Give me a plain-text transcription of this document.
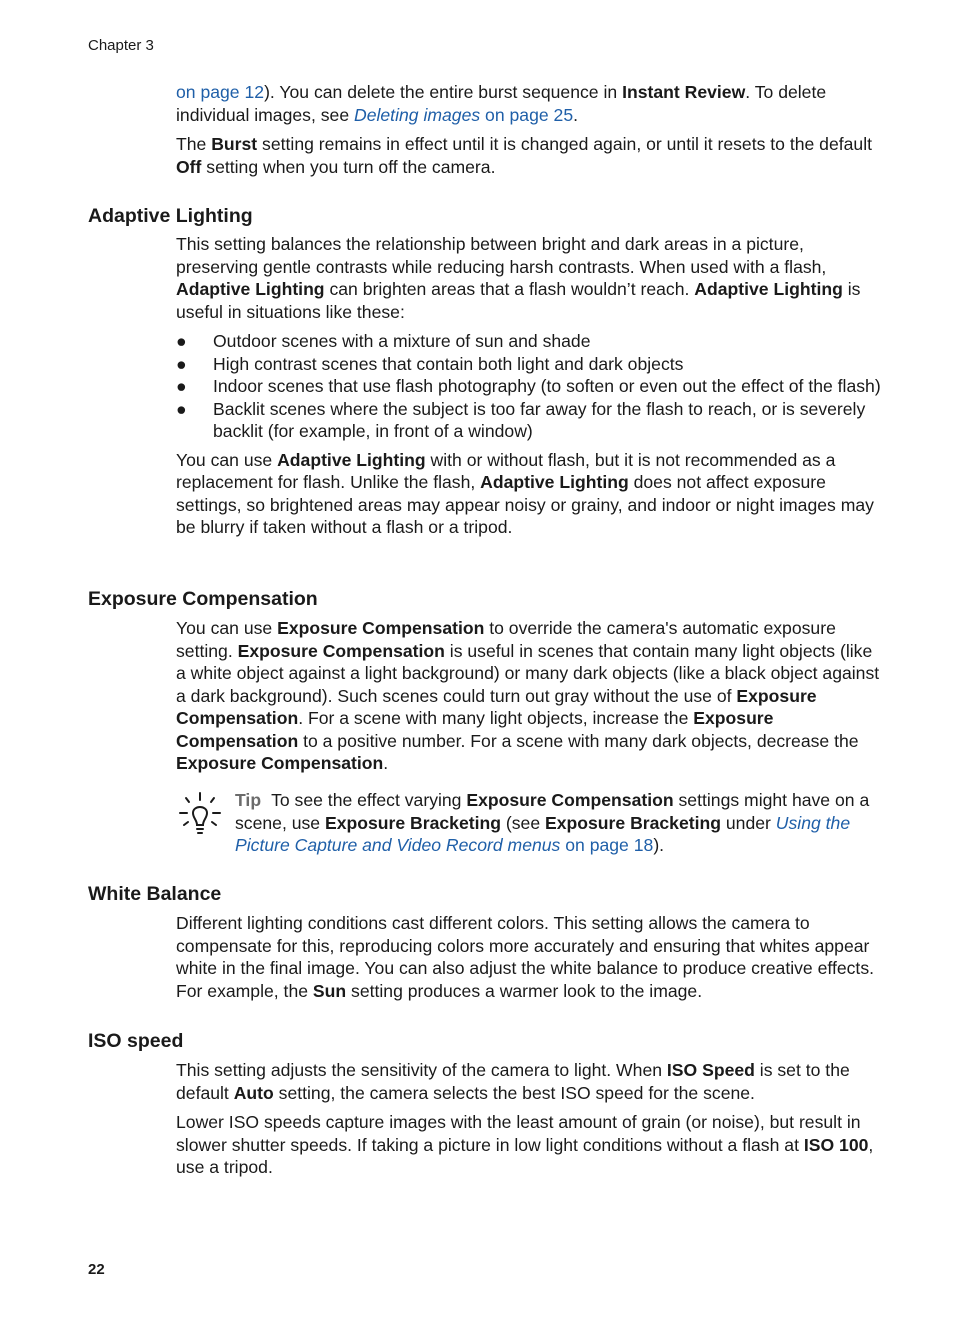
Chapter 3

on page 12). You can delete the entire burst sequence in Instant Review. To delete individual images, see Deleting images on page 25.

The Burst setting remains in effect until it is changed again, or until it resets to the default Off setting when you turn off the camera.

Adaptive Lighting

This setting balances the relationship between bright and dark areas in a picture, preserving gentle contrasts while reducing harsh contrasts. When used with a flash, Adaptive Lighting can brighten areas that a flash wouldn’t reach. Adaptive Lighting is useful in situations like these:

● Outdoor scenes with a mixture of sun and shade
● High contrast scenes that contain both light and dark objects
● Indoor scenes that use flash photography (to soften or even out the effect of the flash)
● Backlit scenes where the subject is too far away for the flash to reach, or is severely backlit (for example, in front of a window)

You can use Adaptive Lighting with or without flash, but it is not recommended as a replacement for flash. Unlike the flash, Adaptive Lighting does not affect exposure settings, so brightened areas may appear noisy or grainy, and indoor or night images may be blurry if taken without a flash or a tripod.

Exposure Compensation

You can use Exposure Compensation to override the camera's automatic exposure setting. Exposure Compensation is useful in scenes that contain many light objects (like a white object against a light background) or many dark objects (like a black object against a dark background). Such scenes could turn out gray without the use of Exposure Compensation. For a scene with many light objects, increase the Exposure Compensation to a positive number. For a scene with many dark objects, decrease the Exposure Compensation.

Tip To see the effect varying Exposure Compensation settings might have on a scene, use Exposure Bracketing (see Exposure Bracketing under Using the Picture Capture and Video Record menus on page 18).
White Balance

Different lighting conditions cast different colors. This setting allows the camera to compensate for this, reproducing colors more accurately and ensuring that whites appear white in the final image. You can also adjust the white balance to produce creative effects. For example, the Sun setting produces a warmer look to the image.

ISO speed

This setting adjusts the sensitivity of the camera to light. When ISO Speed is set to the default Auto setting, the camera selects the best ISO speed for the scene.

Lower ISO speeds capture images with the least amount of grain (or noise), but result in slower shutter speeds. If taking a picture in low light conditions without a flash at ISO 100, use a tripod.

22
